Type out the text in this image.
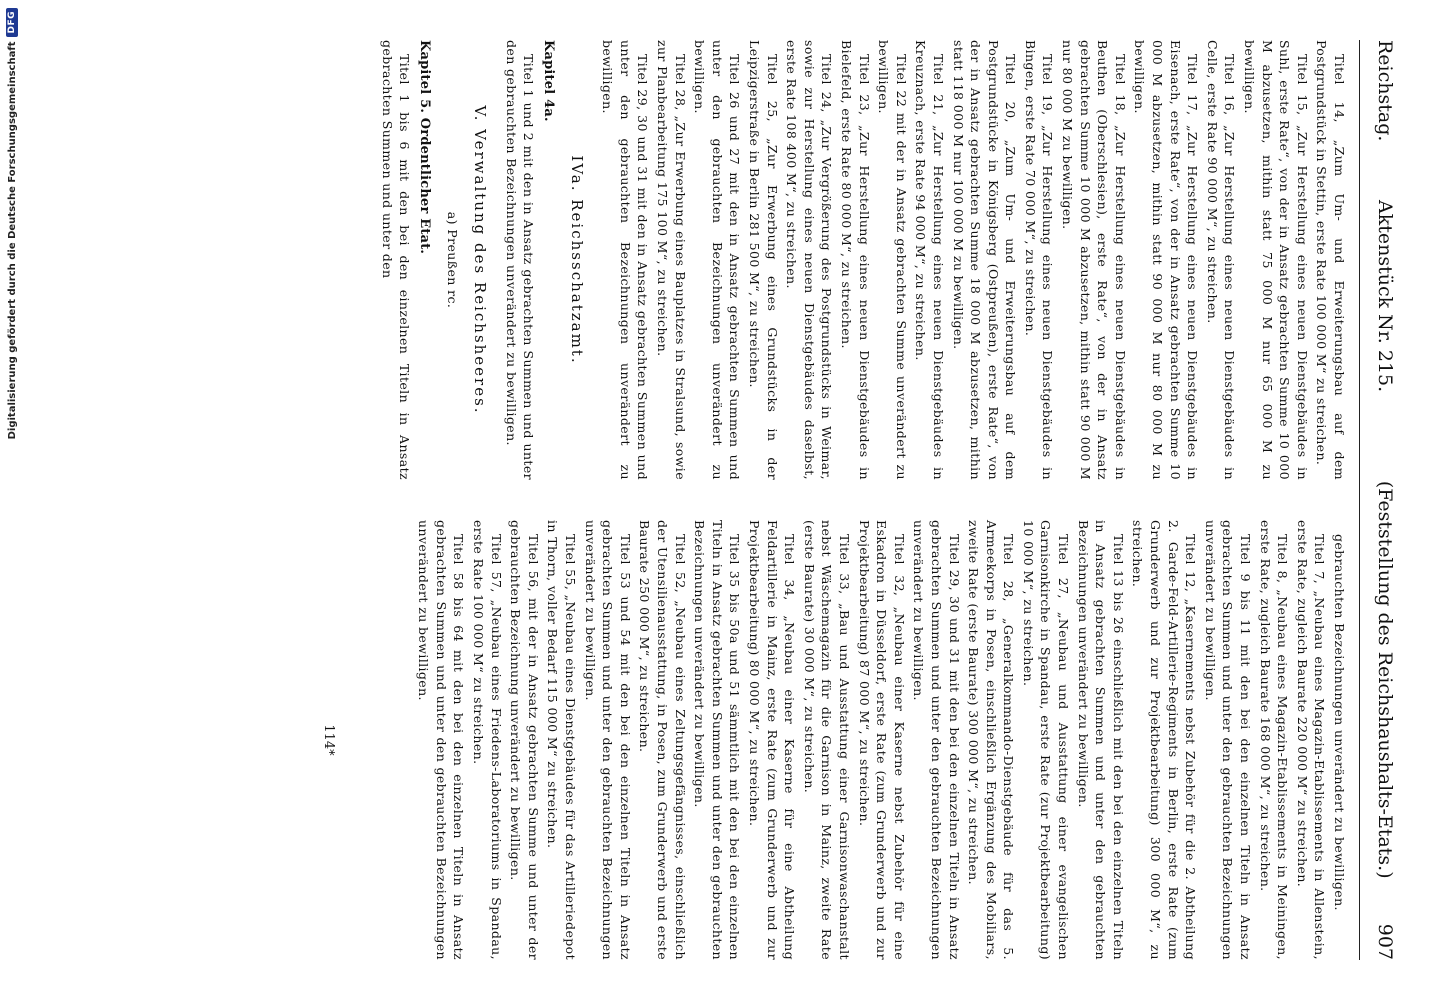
Reichstag.
Aktenstück Nr. 215.
(Feststellung des Reichshaushalts-Etats.) 907
Titel 14, „Zum Um- und Erweiterungsbau auf dem Postgrundstück in Stettin, erste Rate 100 000 M“ zu streichen.
Titel 15, „Zur Herstellung eines neuen Dienstgebäudes in Suhl, erste Rate“, von der in Ansatz gebrachten Summe 10 000 M abzusetzen, mithin statt 75 000 M nur 65 000 M zu bewilligen.
Titel 16, „Zur Herstellung eines neuen Dienstgebäudes in Celle, erste Rate 90 000 M“, zu streichen.
Titel 17, „Zur Herstellung eines neuen Dienstgebäudes in Eisenach, erste Rate“, von der in Ansatz gebrachten Summe 10 000 M abzusetzen, mithin statt 90 000 M nur 80 000 M zu bewilligen.
Titel 18, „Zur Herstellung eines neuen Dienstgebäudes in Beuthen (Oberschlesien), erste Rate“, von der in Ansatz gebrachten Summe 10 000 M abzusetzen, mithin statt 90 000 M nur 80 000 M zu bewilligen.
Titel 19, „Zur Herstellung eines neuen Dienstgebäudes in Bingen, erste Rate 70 000 M“, zu streichen.
Titel 20, „Zum Um- und Erweiterungsbau auf dem Postgrundstücke in Königsberg (Ostpreußen), erste Rate“, von der in Ansatz gebrachten Summe 18 000 M abzusetzen, mithin statt 118 000 M nur 100 000 M zu bewilligen.
Titel 21, „Zur Herstellung eines neuen Dienstgebäudes in Kreuznach, erste Rate 94 000 M“, zu streichen.
Titel 22 mit der in Ansatz gebrachten Summe unverändert zu bewilligen.
Titel 23, „Zur Herstellung eines neuen Dienstgebäudes in Bielefeld, erste Rate 80 000 M“, zu streichen.
Titel 24, „Zur Vergrößerung des Postgrundstücks in Weimar, sowie zur Herstellung eines neuen Dienstgebäudes daselbst, erste Rate 108 400 M“, zu streichen.
Titel 25, „Zur Erwerbung eines Grundstücks in der Leipzigerstraße in Berlin 281 500 M“, zu streichen.
Titel 26 und 27 mit den in Ansatz gebrachten Summen und unter den gebrauchten Bezeichnungen unverändert zu bewilligen.
Titel 28, „Zur Erwerbung eines Bauplatzes in Stralsund, sowie zur Planbearbeitung 175 100 M“, zu streichen.
Titel 29, 30 und 31 mit den in Ansatz gebrachten Summen und unter den gebrauchten Bezeichnungen unverändert zu bewilligen.
IVa. Reichsschatzamt.
Kapitel 4a.
Titel 1 und 2 mit den in Ansatz gebrachten Summen und unter den gebrauchten Bezeichnungen unverändert zu bewilligen.
V. Verwaltung des Reichsheeres.
a) Preußen rc.
Kapitel 5. Ordentlicher Etat.
Titel 1 bis 6 mit den bei den einzelnen Titeln in Ansatz gebrachten Summen und unter den
gebrauchten Bezeichnungen unverändert zu bewilligen.
Titel 7, „Neubau eines Magazin-Etablissements in Allenstein, erste Rate, zugleich Baurate 220 000 M“ zu streichen.
Titel 8, „Neubau eines Magazin-Etablissements in Meiningen, erste Rate, zugleich Baurate 168 000 M“, zu streichen.
Titel 9 bis 11 mit den bei den einzelnen Titeln in Ansatz gebrachten Summen und unter den gebrauchten Bezeichnungen unverändert zu bewilligen.
Titel 12, „Kasernements nebst Zubehör für die 2. Abtheilung 2. Garde-Feld-Artillerie-Regiments in Berlin, erste Rate (zum Grunderwerb und zur Projektbearbeitung) 300 000 M“, zu streichen.
Titel 13 bis 26 einschließlich mit den bei den einzelnen Titeln in Ansatz gebrachten Summen und unter den gebrauchten Bezeichnungen unverändert zu bewilligen.
Titel 27, „Neubau und Ausstattung einer evangelischen Garnisonkirche in Spandau, erste Rate (zur Projektbearbeitung) 10 000 M“, zu streichen.
Titel 28, „Generalkommando-Dienstgebäude für das 5. Armeekorps in Posen, einschließlich Ergänzung des Mobiliars, zweite Rate (erste Baurate) 300 000 M“, zu streichen.
Titel 29, 30 und 31 mit den bei den einzelnen Titeln in Ansatz gebrachten Summen und unter den gebrauchten Bezeichnungen unverändert zu bewilligen.
Titel 32, „Neubau einer Kaserne nebst Zubehör für eine Eskadron in Düsseldorf, erste Rate (zum Grunderwerb und zur Projektbearbeitung) 87 000 M“, zu streichen.
Titel 33, „Bau und Ausstattung einer Garnisonwaschanstalt nebst Wäschemagazin für die Garnison in Mainz, zweite Rate (erste Baurate) 30 000 M“, zu streichen.
Titel 34, „Neubau einer Kaserne für eine Abtheilung Feldartillerie in Mainz, erste Rate (zum Grunderwerb und zur Projektbearbeitung) 80 000 M“, zu streichen.
Titel 35 bis 50a und 51 sämmtlich mit den bei den einzelnen Titeln in Ansatz gebrachten Summen und unter den gebrauchten Bezeichnungen unverändert zu bewilligen.
Titel 52, „Neubau eines Zeltungsgefängnisses, einschließlich der Utensilienausstattung, in Posen, zum Grunderwerb und erste Baurate 250 000 M“, zu streichen.
Titel 53 und 54 mit den bei den einzelnen Titeln in Ansatz gebrachten Summen und unter den gebrauchten Bezeichnungen unverändert zu bewilligen.
Titel 55, „Neubau eines Dienstgebäudes für das Artilleriedepot in Thorn, voller Bedarf 115 000 M“ zu streichen.
Titel 56, mit der in Ansatz gebrachten Summe und unter der gebrauchten Bezeichnung unverändert zu bewilligen.
Titel 57, „Neubau eines Friedens-Laboratoriums in Spandau, erste Rate 100 000 M“ zu streichen.
Titel 58 bis 64 mit den bei den einzelnen Titeln in Ansatz gebrachten Summen und unter den gebrauchten Bezeichnungen unverändert zu bewilligen.
114*
Digitalisierung gefördert durch die Deutsche Forschungsgemeinschaft
DFG
